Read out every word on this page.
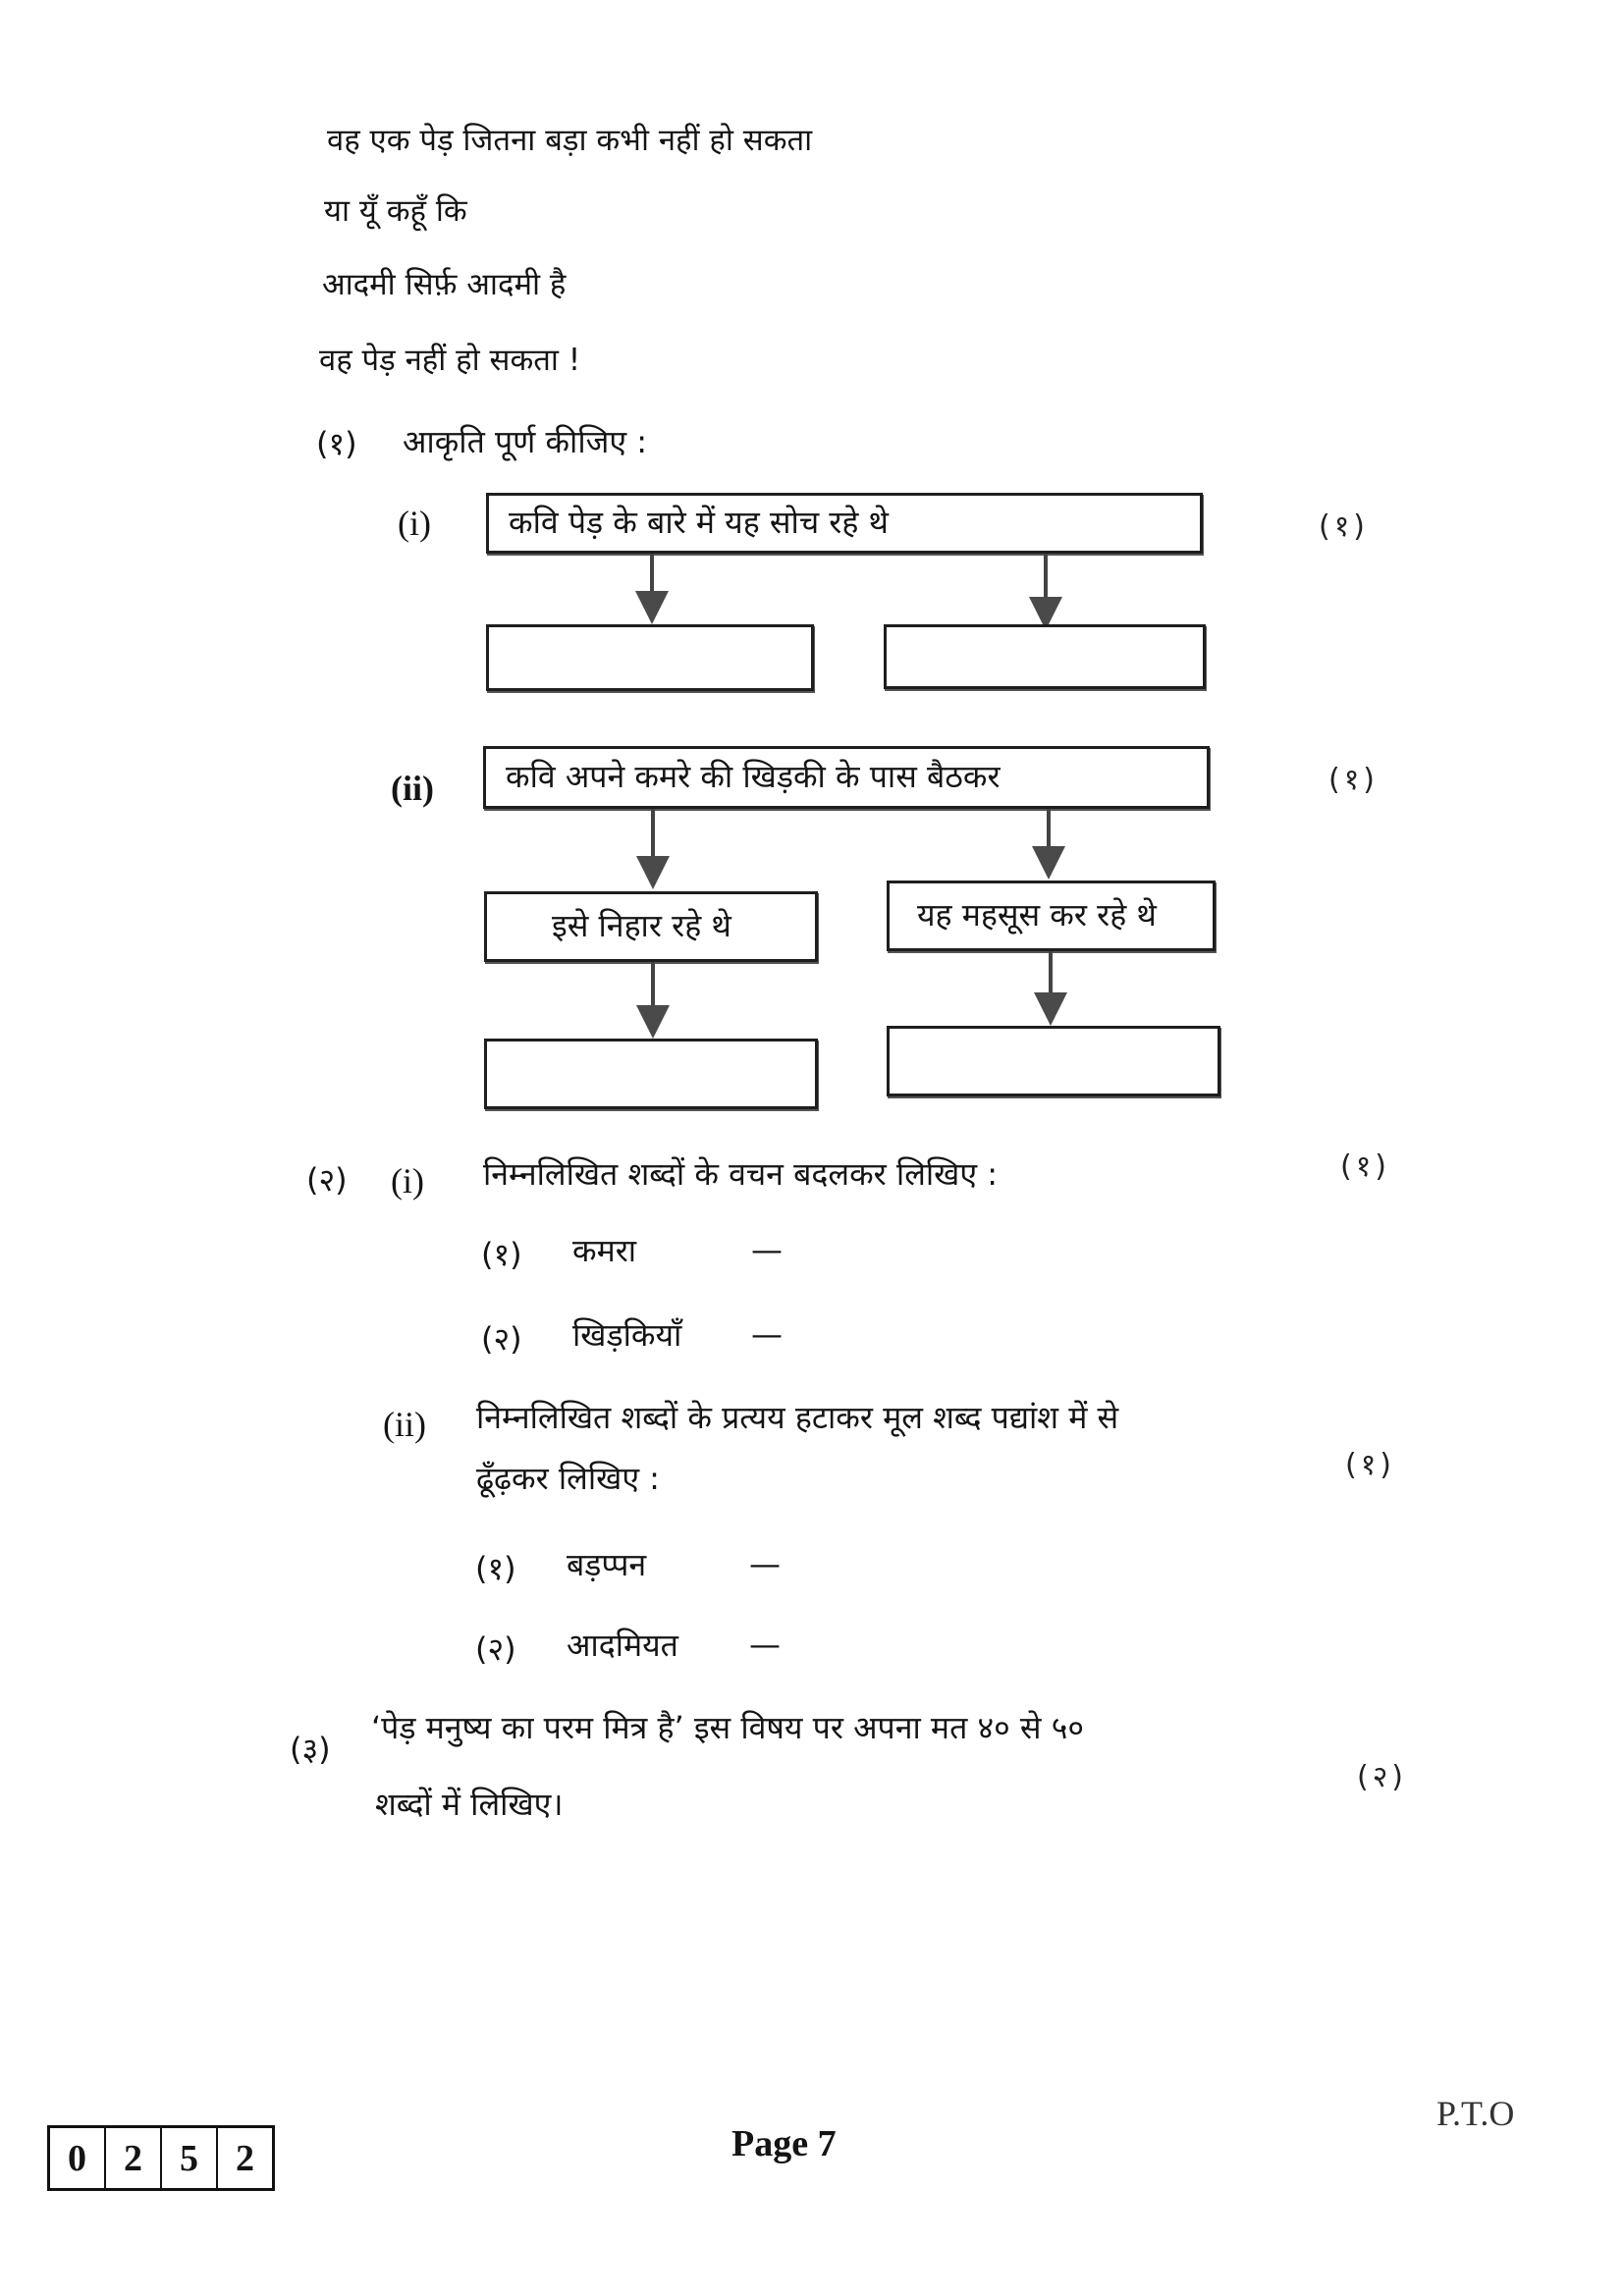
वह एक पेड़ जितना बड़ा कभी नहीं हो सकता
या यूँ कहूँ कि
आदमी सिर्फ़ आदमी है
वह पेड़ नहीं हो सकता !
(१) आकृति पूर्ण कीजिए :
(i) कवि पेड़ के बारे में यह सोच रहे थे	(१)
(ii) कवि अपने कमरे की खिड़की के पास बैठकर	(१)
इसे निहार रहे थे	यह महसूस कर रहे थे
(२) (i) निम्नलिखित शब्दों के वचन बदलकर लिखिए :	(१)
(१) कमरा	—
(२) खिड़कियाँ —
(ii) निम्नलिखित शब्दों के प्रत्यय हटाकर मूल शब्द पद्यांश में से
ढूँढ़कर लिखिए :	(१)
(१) बड़प्पन	—
(२) आदमियत —
(३)
‘पेड़ मनुष्य का परम मित्र है’ इस विषय पर अपना मत ४० से ५०
शब्दों में लिखिए।
(२)
0	2	5	2	Page 7
P.T.O
